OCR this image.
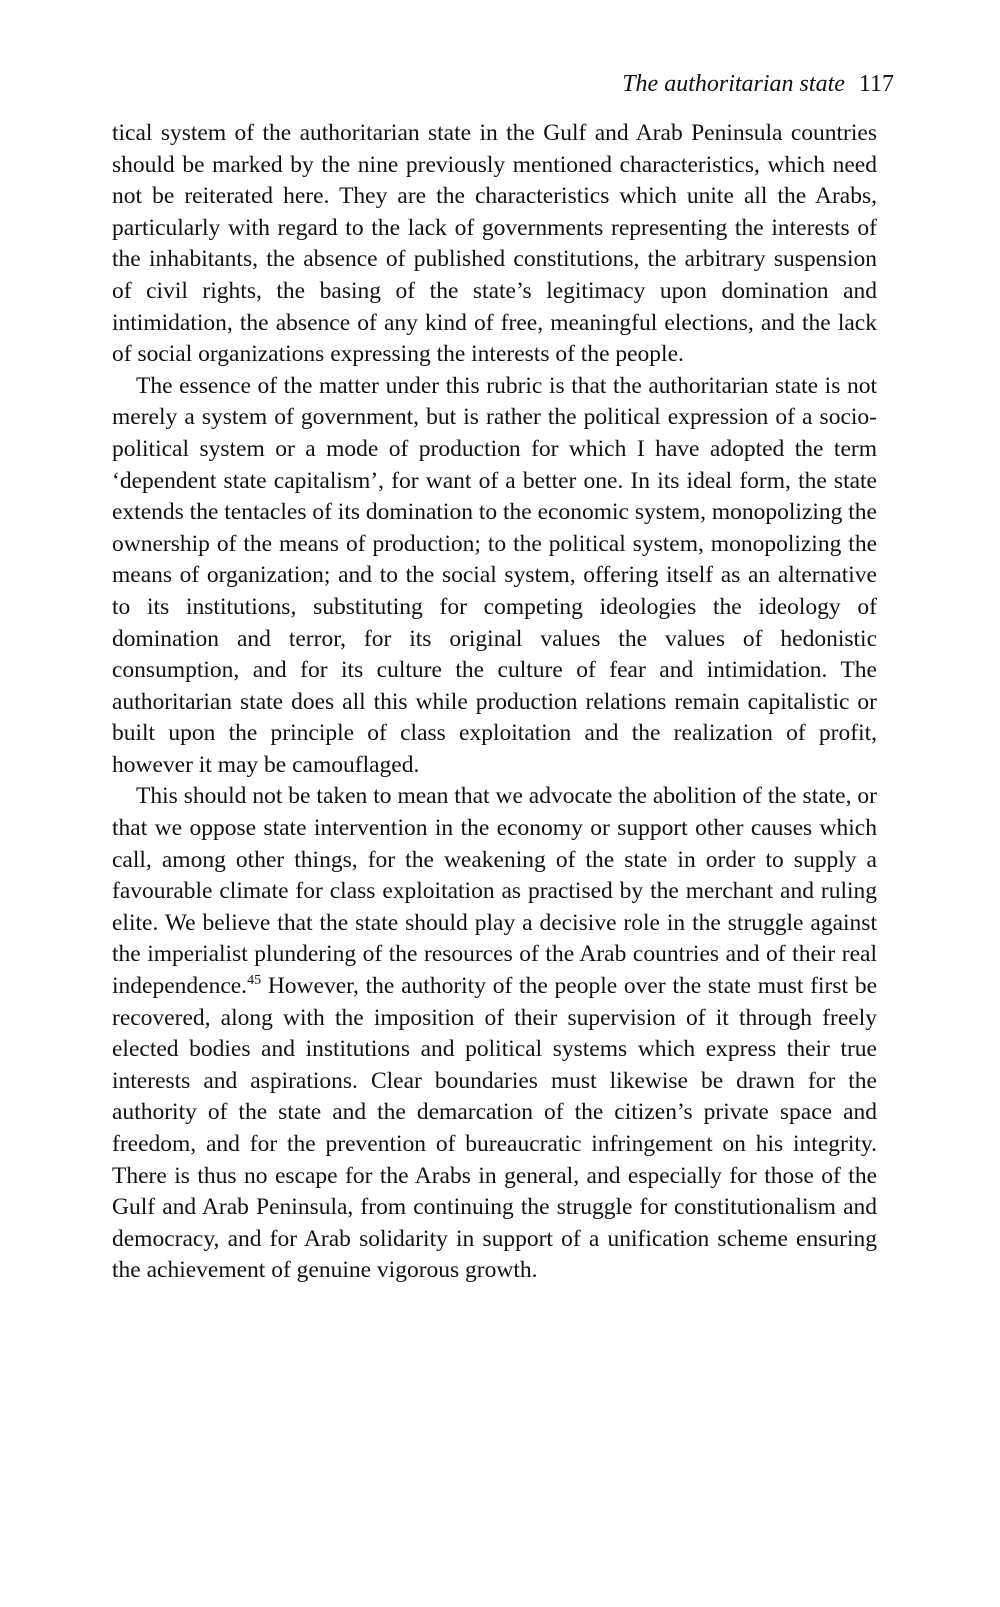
The authoritarian state 117

tical system of the authoritarian state in the Gulf and Arab Peninsula countries should be marked by the nine previously mentioned characteristics, which need not be reiterated here. They are the characteristics which unite all the Arabs, particularly with regard to the lack of governments representing the interests of the inhabitants, the absence of published constitutions, the arbitrary suspension of civil rights, the basing of the state’s legitimacy upon domination and intimidation, the absence of any kind of free, meaningful elections, and the lack of social organizations expressing the interests of the people.

The essence of the matter under this rubric is that the authoritarian state is not merely a system of government, but is rather the political expression of a socio-political system or a mode of production for which I have adopted the term ‘dependent state capitalism’, for want of a better one. In its ideal form, the state extends the tentacles of its domination to the economic system, monopolizing the ownership of the means of production; to the political system, monopolizing the means of organization; and to the social system, offering itself as an alternative to its institutions, substituting for competing ideologies the ideology of domination and terror, for its original values the values of hedonistic consumption, and for its culture the culture of fear and intimidation. The authoritarian state does all this while production relations remain capitalistic or built upon the principle of class exploitation and the realization of profit, however it may be camouflaged.

This should not be taken to mean that we advocate the abolition of the state, or that we oppose state intervention in the economy or support other causes which call, among other things, for the weakening of the state in order to supply a favourable climate for class exploitation as practised by the merchant and ruling elite. We believe that the state should play a decisive role in the struggle against the imperialist plundering of the resources of the Arab countries and of their real independence.$^{45}$ However, the authority of the people over the state must first be recovered, along with the imposition of their supervision of it through freely elected bodies and institutions and political systems which express their true interests and aspirations. Clear boundaries must likewise be drawn for the authority of the state and the demarcation of the citizen’s private space and freedom, and for the prevention of bureaucratic infringement on his integrity. There is thus no escape for the Arabs in general, and especially for those of the Gulf and Arab Peninsula, from continuing the struggle for constitutionalism and democracy, and for Arab solidarity in support of a unification scheme ensuring the achievement of genuine vigorous growth.
